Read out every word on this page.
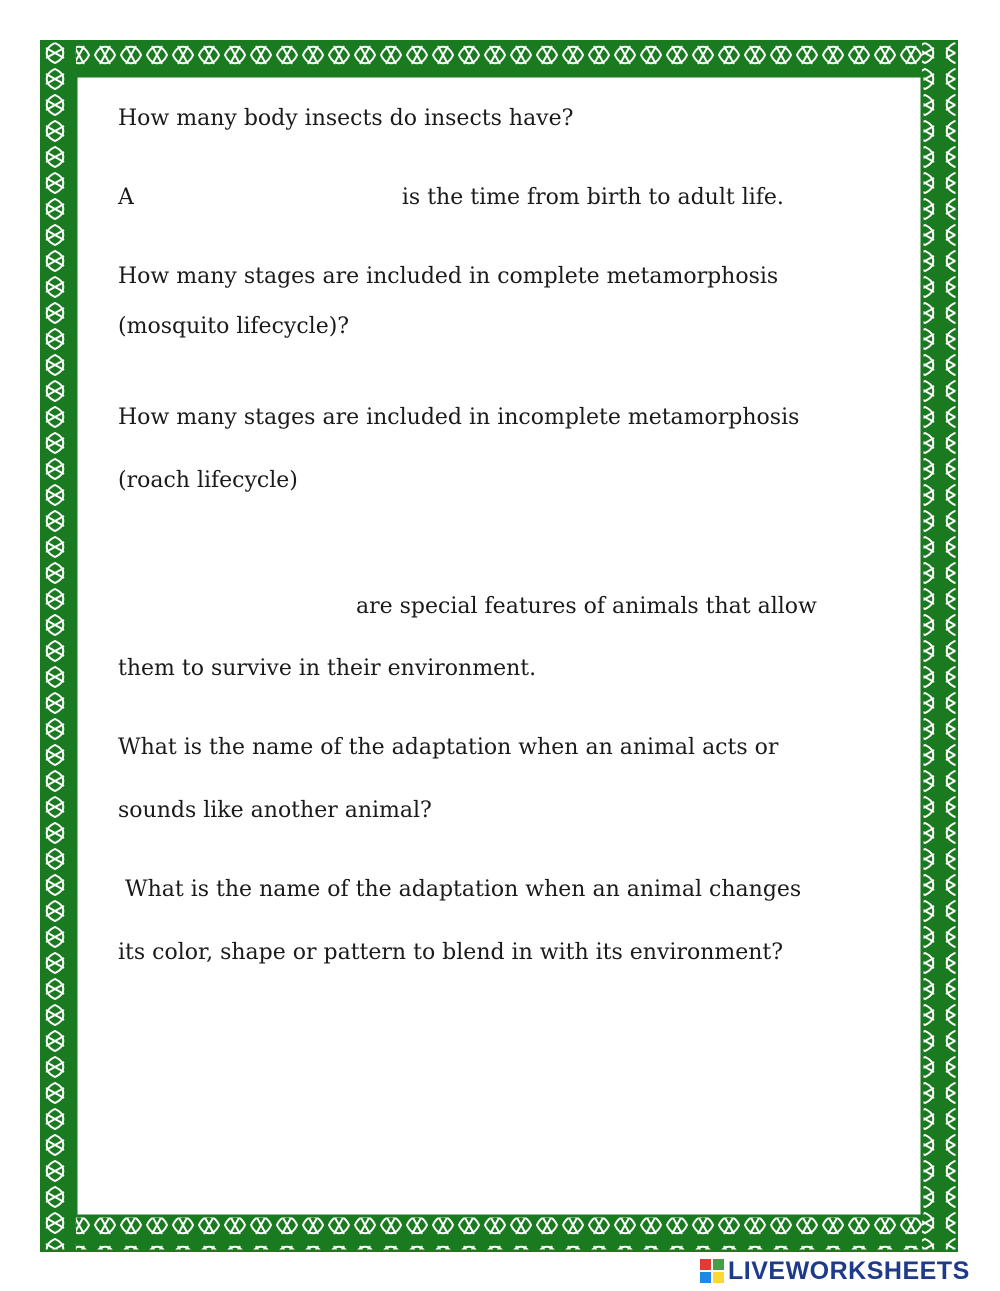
How many body insects do insects have?
A	is the time from birth to adult life.
How many stages are included in complete metamorphosis
(mosquito lifecycle)?
How many stages are included in incomplete metamorphosis
(roach lifecycle)
are special features of animals that allow
them to survive in their environment.
What is the name of the adaptation when an animal acts or
sounds like another animal?
What is the name of the adaptation when an animal changes
its color, shape or pattern to blend in with its environment?
LIVEWORKSHEETS
